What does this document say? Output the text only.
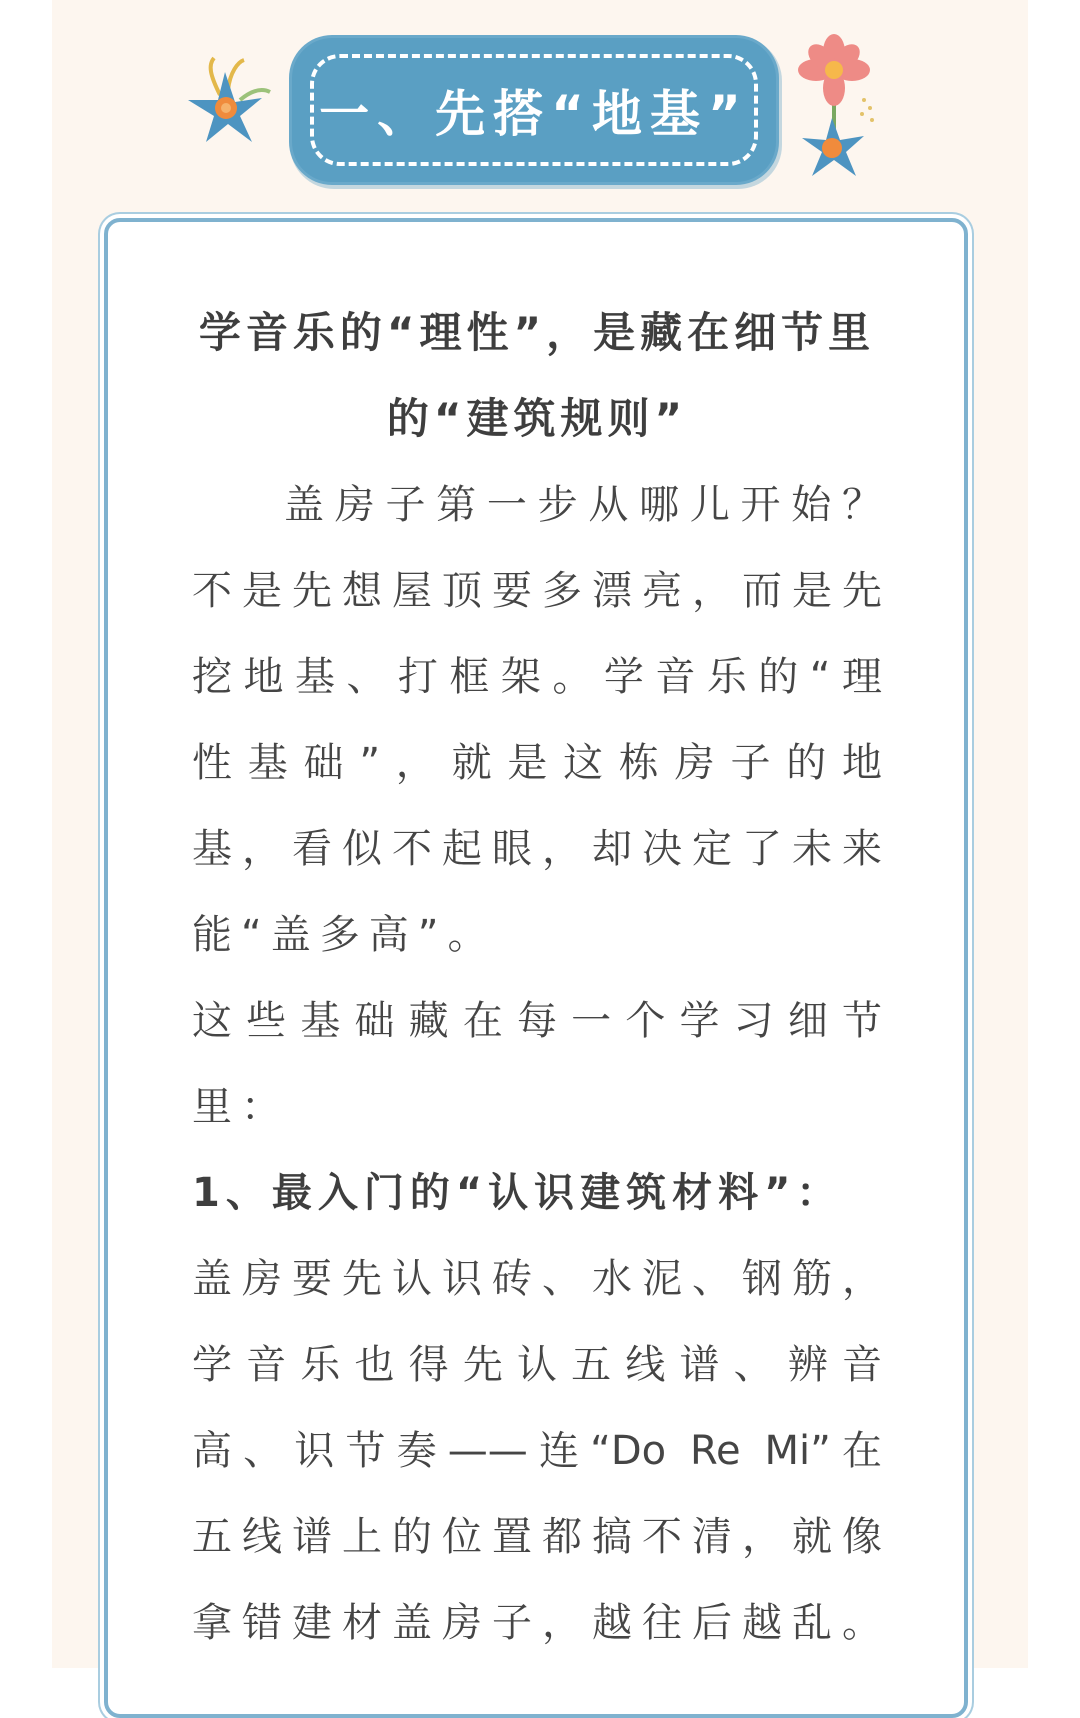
一、先搭“地基”
学音乐的“理性”，是藏在细节里
的“建筑规则”
盖房子第一步从哪儿开始？
不是先想屋顶要多漂亮，而是先
挖地基、打框架。学音乐的“理
性基础”，就是这栋房子的地
基，看似不起眼，却决定了未来
能“盖多高”。
这些基础藏在每一个学习细节
里：
1、最入门的“认识建筑材料”：
盖房要先认识砖、水泥、钢筋，
学音乐也得先认五线谱、辨音
高、识节奏——连“Do Re Mi”在
五线谱上的位置都搞不清，就像
拿错建材盖房子，越往后越乱。
